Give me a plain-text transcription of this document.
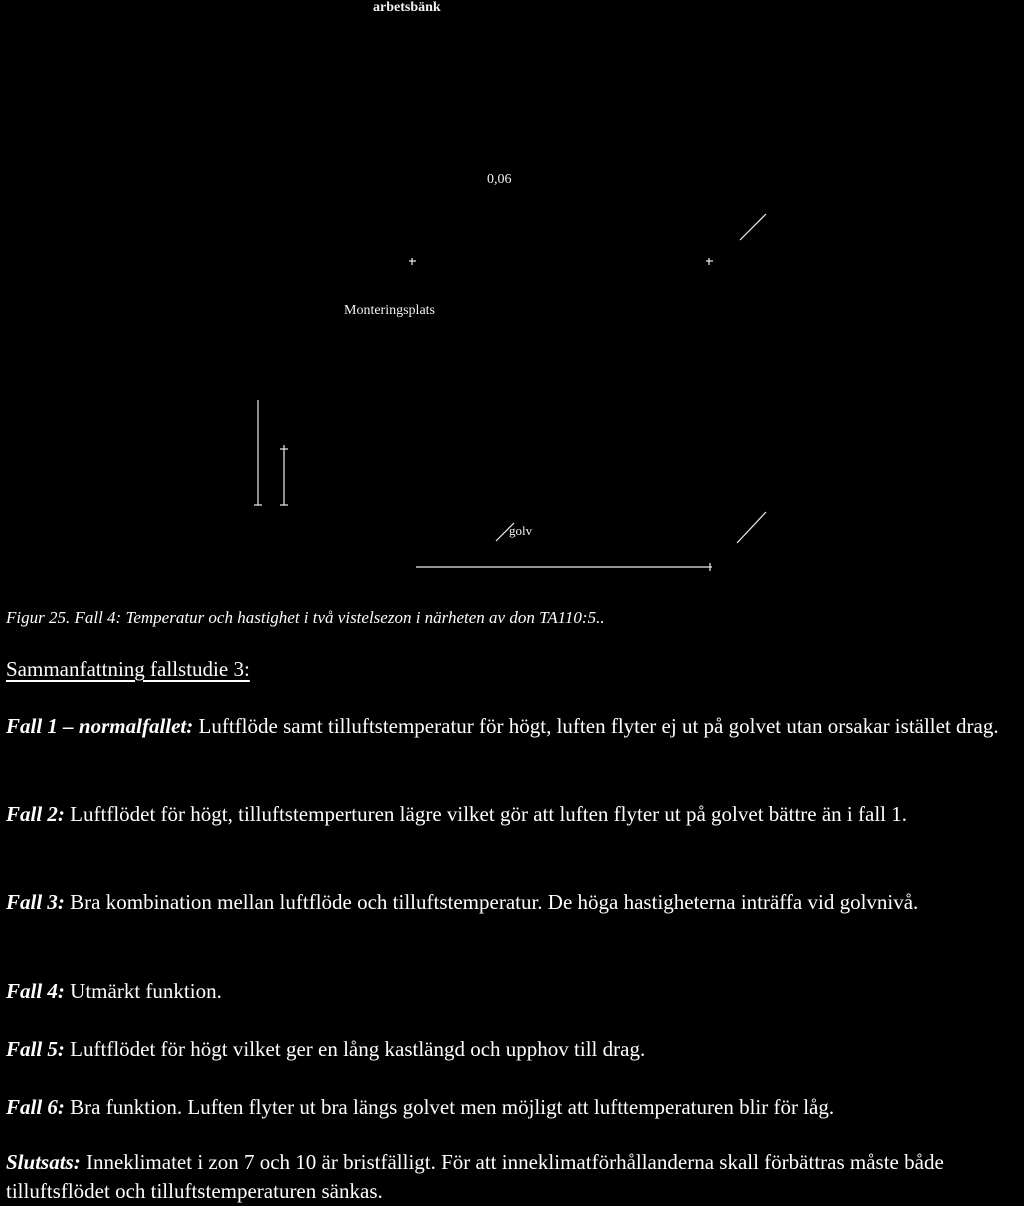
arbetsbänk
0,06
Monteringsplats
golv
Figur 25. Fall 4: Temperatur och hastighet i två vistelsezon i närheten av don TA110:5..
Sammanfattning fallstudie 3:
Fall 1 – normalfallet: Luftflöde samt tilluftstemperatur för högt, luften flyter ej ut på golvet utan orsakar istället drag.
Fall 2: Luftflödet för högt, tilluftstemperturen lägre vilket gör att luften flyter ut på golvet bättre än i fall 1.
Fall 3: Bra kombination mellan luftflöde och tilluftstemperatur. De höga hastigheterna inträffa vid golvnivå.
Fall 4: Utmärkt funktion.
Fall 5: Luftflödet för högt vilket ger en lång kastlängd och upphov till drag.
Fall 6: Bra funktion. Luften flyter ut bra längs golvet men möjligt att lufttemperaturen blir för låg.
Slutsats: Inneklimatet i zon 7 och 10 är bristfälligt. För att inneklimatförhållanderna skall förbättras måste både tilluftsflödet och tilluftstemperaturen sänkas.
